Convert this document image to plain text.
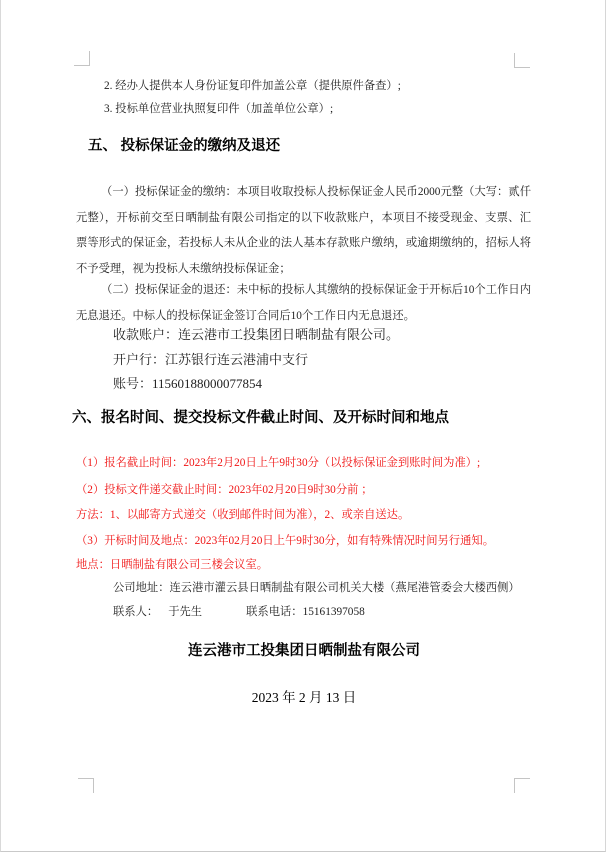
2. 经办人提供本人身份证复印件加盖公章（提供原件备查）;
3. 投标单位营业执照复印件（加盖单位公章）;
五、 投标保证金的缴纳及退还
（一）投标保证金的缴纳：本项目收取投标人投标保证金人民币2000元整（大写：贰仟元整），开标前交至日晒制盐有限公司指定的以下收款账户，本项目不接受现金、支票、汇票等形式的保证金，若投标人未从企业的法人基本存款账户缴纳，或逾期缴纳的，招标人将不予受理，视为投标人未缴纳投标保证金；
（二）投标保证金的退还：未中标的投标人其缴纳的投标保证金于开标后10个工作日内无息退还。中标人的投标保证金签订合同后10个工作日内无息退还。
收款账户：连云港市工投集团日晒制盐有限公司。
开户行：江苏银行连云港浦中支行
账号：11560188000077854
六、报名时间、提交投标文件截止时间、及开标时间和地点
（1）报名截止时间：2023年2月20日上午9时30分（以投标保证金到账时间为准）;
（2）投标文件递交截止时间：2023年02月20日9时30分前 ；
方法：1、以邮寄方式递交（收到邮件时间为准），2、或亲自送达。
（3）开标时间及地点：2023年02月20日上午9时30分，如有特殊情况时间另行通知。
地点：日晒制盐有限公司三楼会议室。
公司地址：连云港市灌云县日晒制盐有限公司机关大楼（燕尾港管委会大楼西侧）
联系人： 于先生	联系电话：15161397058
连云港市工投集团日晒制盐有限公司
2023 年 2 月 13 日
